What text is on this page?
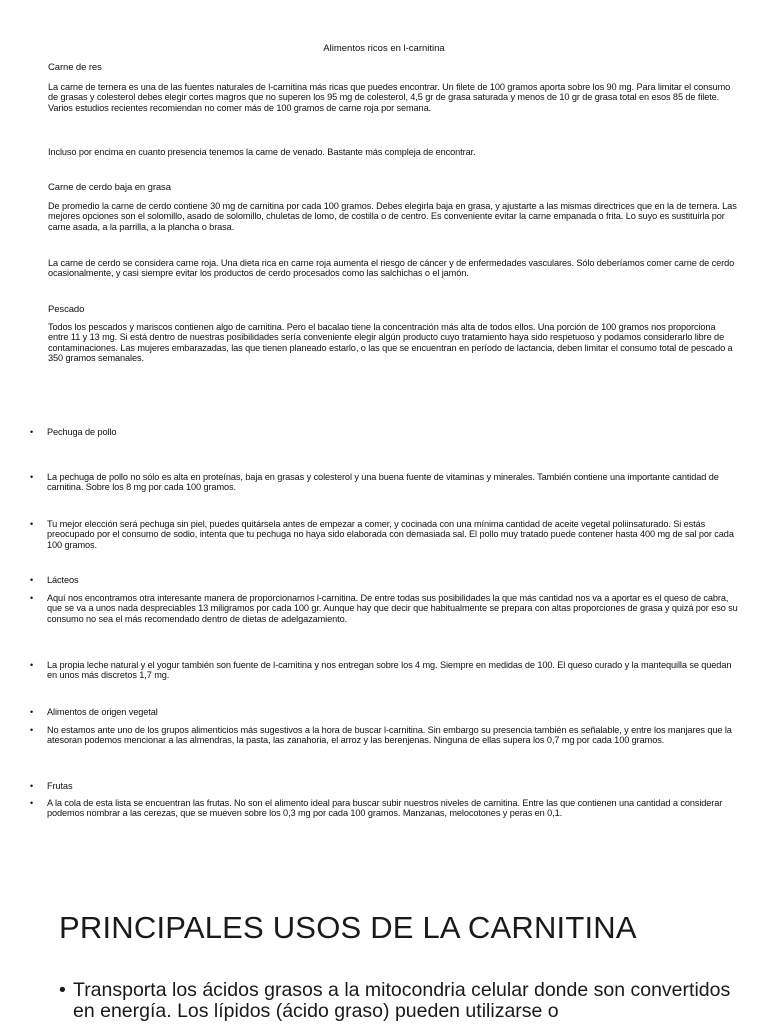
Alimentos ricos en l-carnitina
Carne de res

La carne de ternera es una de las fuentes naturales de l-carnitina más ricas que puedes encontrar. Un filete de 100 gramos aporta sobre los 90 mg. Para limitar el consumo de grasas y colesterol debes elegir cortes magros que no superen los 95 mg de colesterol, 4,5 gr de grasa saturada y menos de 10 gr de grasa total en esos 85 de filete. Varios estudios recientes recomiendan no comer más de 100 gramos de carne roja por semana.

Incluso por encima en cuanto presencia tenemos la carne de venado. Bastante más compleja de encontrar.

Carne de cerdo baja en grasa

De promedio la carne de cerdo contiene 30 mg de carnitina por cada 100 gramos. Debes elegirla baja en grasa, y ajustarte a las mismas directrices que en la de ternera. Las mejores opciones son el solomillo, asado de solomillo, chuletas de lomo, de costilla o de centro. Es conveniente evitar la carne empanada o frita. Lo suyo es sustituirla por carne asada, a la parrilla, a la plancha o brasa.

La carne de cerdo se considera carne roja. Una dieta rica en carne roja aumenta el riesgo de cáncer y de enfermedades vasculares. Sólo deberíamos comer carne de cerdo ocasionalmente, y casi siempre evitar los productos de cerdo procesados como las salchichas o el jamón.

Pescado

Todos los pescados y mariscos contienen algo de carnitina. Pero el bacalao tiene la concentración más alta de todos ellos. Una porción de 100 gramos nos proporciona entre 11 y 13 mg. Si está dentro de nuestras posibilidades sería conveniente elegir algún producto cuyo tratamiento haya sido respetuoso y podamos considerarlo libre de contaminaciones. Las mujeres embarazadas, las que tienen planeado estarlo, o las que se encuentran en período de lactancia, deben limitar el consumo total de pescado a 350 gramos semanales.

• Pechuga de pollo
• La pechuga de pollo no sólo es alta en proteínas, baja en grasas y colesterol y una buena fuente de vitaminas y minerales. También contiene una importante cantidad de carnitina. Sobre los 8 mg por cada 100 gramos.
• Tu mejor elección será pechuga sin piel, puedes quitársela antes de empezar a comer, y cocinada con una mínima cantidad de aceite vegetal poliinsaturado. Si estás preocupado por el consumo de sodio, intenta que tu pechuga no haya sido elaborada con demasiada sal. El pollo muy tratado puede contener hasta 400 mg de sal por cada 100 gramos.
• Lácteos
• Aquí nos encontramos otra interesante manera de proporcionarnos l-carnitina. De entre todas sus posibilidades la que más cantidad nos va a aportar es el queso de cabra, que se va a unos nada despreciables 13 miligramos por cada 100 gr. Aunque hay que decir que habitualmente se prepara con altas proporciones de grasa y quizá por eso su consumo no sea el más recomendado dentro de dietas de adelgazamiento.
• La propia leche natural y el yogur también son fuente de l-carnitina y nos entregan sobre los 4 mg. Siempre en medidas de 100. El queso curado y la mantequilla se quedan en unos más discretos 1,7 mg.
• Alimentos de origen vegetal
• No estamos ante uno de los grupos alimenticios más sugestivos a la hora de buscar l-carnitina. Sin embargo su presencia también es señalable, y entre los manjares que la atesoran podemos mencionar a las almendras, la pasta, las zanahoria, el arroz y las berenjenas. Ninguna de ellas supera los 0,7 mg por cada 100 gramos.
• Frutas
• A la cola de esta lista se encuentran las frutas. No son el alimento ideal para buscar subir nuestros niveles de carnitina. Entre las que contienen una cantidad a considerar podemos nombrar a las cerezas, que se mueven sobre los 0,3 mg por cada 100 gramos. Manzanas, melocotones y peras en 0,1.
PRINCIPALES USOS DE LA CARNITINA
• Transporta los ácidos grasos a la mitocondria celular donde son convertidos en energía. Los lípidos (ácido graso) pueden utilizarse o
